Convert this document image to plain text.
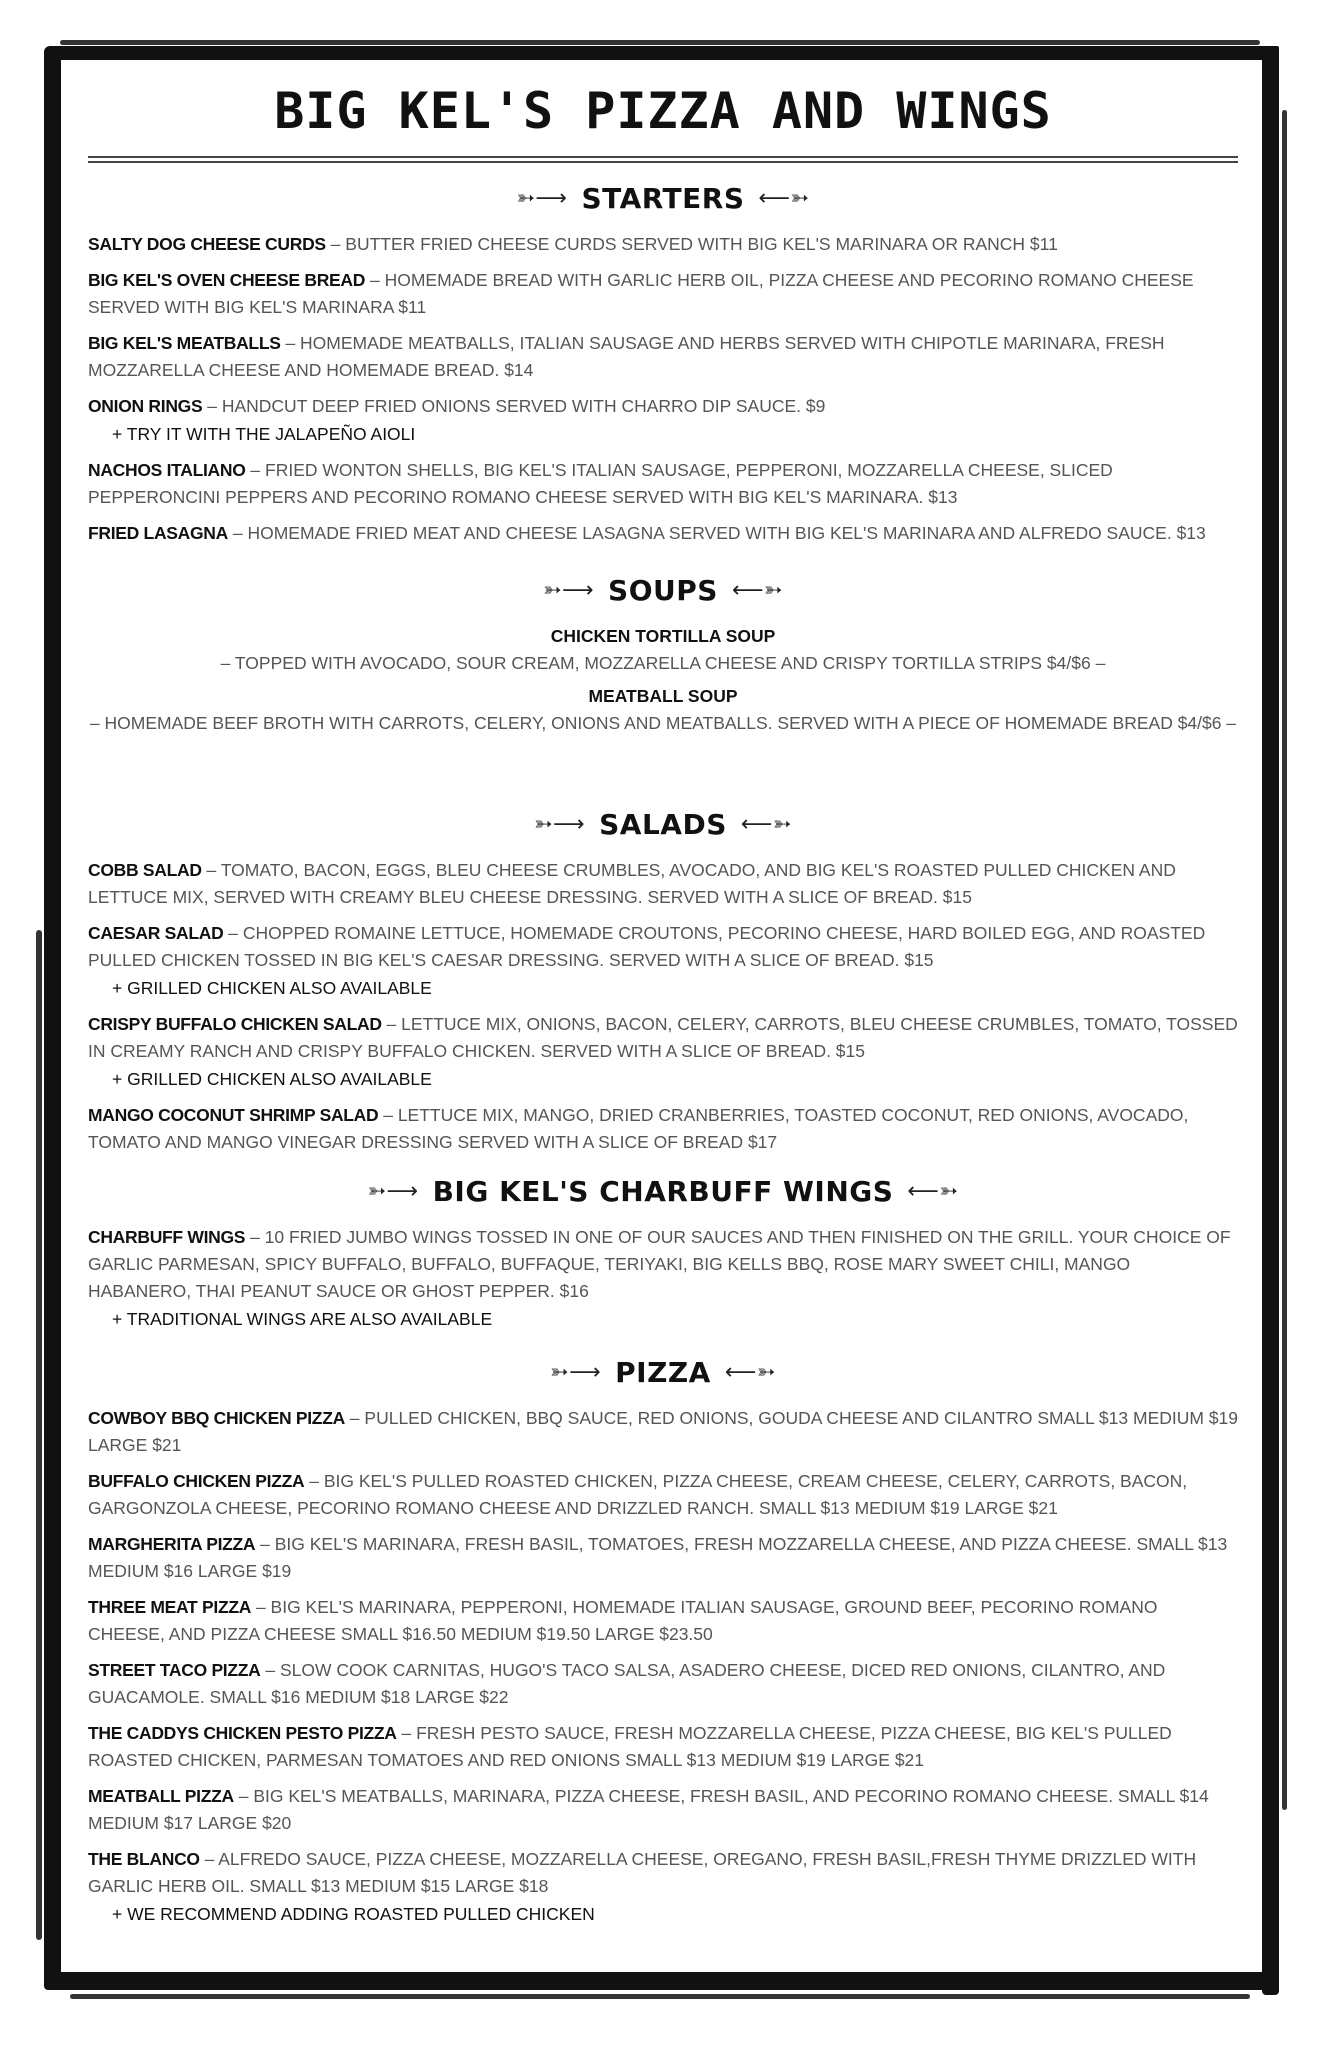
BIG KEL'S PIZZA AND WINGS
➳⟶ STARTERS ⟵➳
SALTY DOG CHEESE CURDS – BUTTER FRIED CHEESE CURDS SERVED WITH BIG KEL'S MARINARA OR RANCH $11
BIG KEL'S OVEN CHEESE BREAD – HOMEMADE BREAD WITH GARLIC HERB OIL, PIZZA CHEESE AND PECORINO ROMANO CHEESE SERVED WITH BIG KEL'S MARINARA $11
BIG KEL'S MEATBALLS – HOMEMADE MEATBALLS, ITALIAN SAUSAGE AND HERBS SERVED WITH CHIPOTLE MARINARA, FRESH MOZZARELLA CHEESE AND HOMEMADE BREAD. $14
ONION RINGS – HANDCUT DEEP FRIED ONIONS SERVED WITH CHARRO DIP SAUCE. $9
+ TRY IT WITH THE JALAPEÑO AIOLI
NACHOS ITALIANO – FRIED WONTON SHELLS, BIG KEL'S ITALIAN SAUSAGE, PEPPERONI, MOZZARELLA CHEESE, SLICED PEPPERONCINI PEPPERS AND PECORINO ROMANO CHEESE SERVED WITH BIG KEL'S MARINARA. $13
FRIED LASAGNA – HOMEMADE FRIED MEAT AND CHEESE LASAGNA SERVED WITH BIG KEL'S MARINARA AND ALFREDO SAUCE. $13
➳⟶ SOUPS ⟵➳
CHICKEN TORTILLA SOUP
– TOPPED WITH AVOCADO, SOUR CREAM, MOZZARELLA CHEESE AND CRISPY TORTILLA STRIPS $4/$6 –
MEATBALL SOUP
– HOMEMADE BEEF BROTH WITH CARROTS, CELERY, ONIONS AND MEATBALLS. SERVED WITH A PIECE OF HOMEMADE BREAD $4/$6 –
➳⟶ SALADS ⟵➳
COBB SALAD – TOMATO, BACON, EGGS, BLEU CHEESE CRUMBLES, AVOCADO, AND BIG KEL'S ROASTED PULLED CHICKEN AND LETTUCE MIX, SERVED WITH CREAMY BLEU CHEESE DRESSING. SERVED WITH A SLICE OF BREAD. $15
CAESAR SALAD – CHOPPED ROMAINE LETTUCE, HOMEMADE CROUTONS, PECORINO CHEESE, HARD BOILED EGG, AND ROASTED PULLED CHICKEN TOSSED IN BIG KEL'S CAESAR DRESSING. SERVED WITH A SLICE OF BREAD. $15
+ GRILLED CHICKEN ALSO AVAILABLE
CRISPY BUFFALO CHICKEN SALAD – LETTUCE MIX, ONIONS, BACON, CELERY, CARROTS, BLEU CHEESE CRUMBLES, TOMATO, TOSSED IN CREAMY RANCH AND CRISPY BUFFALO CHICKEN. SERVED WITH A SLICE OF BREAD. $15
+ GRILLED CHICKEN ALSO AVAILABLE
MANGO COCONUT SHRIMP SALAD – LETTUCE MIX, MANGO, DRIED CRANBERRIES, TOASTED COCONUT, RED ONIONS, AVOCADO, TOMATO AND MANGO VINEGAR DRESSING SERVED WITH A SLICE OF BREAD $17
➳⟶ BIG KEL'S CHARBUFF WINGS ⟵➳
CHARBUFF WINGS – 10 FRIED JUMBO WINGS TOSSED IN ONE OF OUR SAUCES AND THEN FINISHED ON THE GRILL. YOUR CHOICE OF GARLIC PARMESAN, SPICY BUFFALO, BUFFALO, BUFFAQUE, TERIYAKI, BIG KELLS BBQ, ROSE MARY SWEET CHILI, MANGO HABANERO, THAI PEANUT SAUCE OR GHOST PEPPER. $16
+ TRADITIONAL WINGS ARE ALSO AVAILABLE
➳⟶ PIZZA ⟵➳
COWBOY BBQ CHICKEN PIZZA – PULLED CHICKEN, BBQ SAUCE, RED ONIONS, GOUDA CHEESE AND CILANTRO SMALL $13 MEDIUM $19 LARGE $21
BUFFALO CHICKEN PIZZA – BIG KEL'S PULLED ROASTED CHICKEN, PIZZA CHEESE, CREAM CHEESE, CELERY, CARROTS, BACON, GARGONZOLA CHEESE, PECORINO ROMANO CHEESE AND DRIZZLED RANCH. SMALL $13 MEDIUM $19 LARGE $21
MARGHERITA PIZZA – BIG KEL'S MARINARA, FRESH BASIL, TOMATOES, FRESH MOZZARELLA CHEESE, AND PIZZA CHEESE. SMALL $13 MEDIUM $16 LARGE $19
THREE MEAT PIZZA – BIG KEL'S MARINARA, PEPPERONI, HOMEMADE ITALIAN SAUSAGE, GROUND BEEF, PECORINO ROMANO CHEESE, AND PIZZA CHEESE SMALL $16.50 MEDIUM $19.50 LARGE $23.50
STREET TACO PIZZA – SLOW COOK CARNITAS, HUGO'S TACO SALSA, ASADERO CHEESE, DICED RED ONIONS, CILANTRO, AND GUACAMOLE. SMALL $16 MEDIUM $18 LARGE $22
THE CADDYS CHICKEN PESTO PIZZA – FRESH PESTO SAUCE, FRESH MOZZARELLA CHEESE, PIZZA CHEESE, BIG KEL'S PULLED ROASTED CHICKEN, PARMESAN TOMATOES AND RED ONIONS SMALL $13 MEDIUM $19 LARGE $21
MEATBALL PIZZA – BIG KEL'S MEATBALLS, MARINARA, PIZZA CHEESE, FRESH BASIL, AND PECORINO ROMANO CHEESE. SMALL $14 MEDIUM $17 LARGE $20
THE BLANCO – ALFREDO SAUCE, PIZZA CHEESE, MOZZARELLA CHEESE, OREGANO, FRESH BASIL,FRESH THYME DRIZZLED WITH GARLIC HERB OIL. SMALL $13 MEDIUM $15 LARGE $18
+ WE RECOMMEND ADDING ROASTED PULLED CHICKEN
